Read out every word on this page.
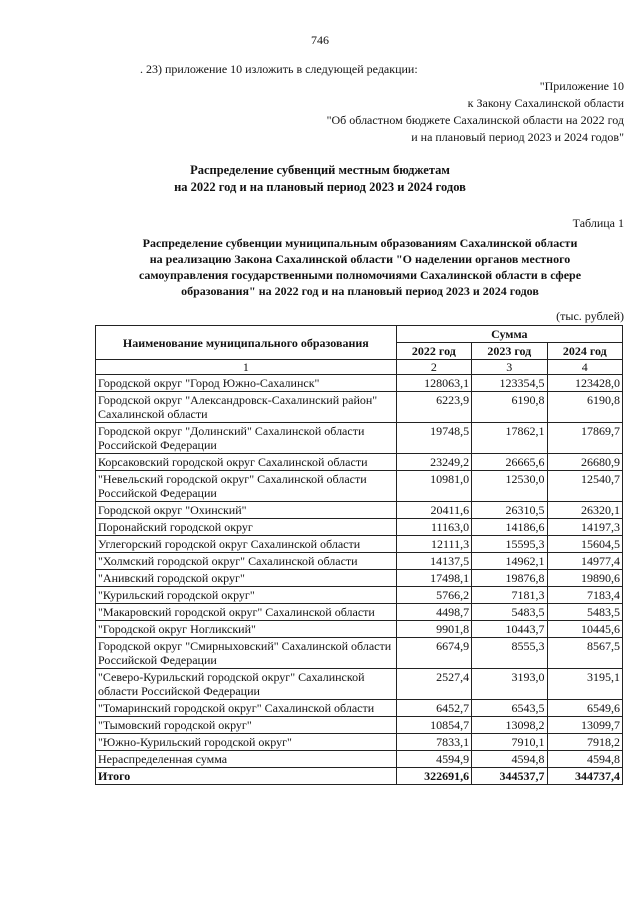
746
. 23) приложение 10 изложить в следующей редакции:
"Приложение 10
к Закону Сахалинской области
"Об областном бюджете Сахалинской области на 2022 год
и на плановый период 2023 и 2024 годов"
Распределение субвенций местным бюджетам
на 2022 год и на плановый период 2023 и 2024 годов
Таблица 1
Распределение субвенции муниципальным образованиям Сахалинской области
на реализацию Закона Сахалинской области "О наделении органов местного
самоуправления государственными полномочиями Сахалинской области в сфере
образования" на 2022 год и на плановый период 2023 и 2024 годов
(тыс. рублей)
Наименование муниципального образования	Сумма		
	2022 год	2023 год	2024 год
1	2	3	4
Городской округ "Город Южно-Сахалинск"	128063,1	123354,5	123428,0
Городской округ "Александровск-Сахалинский район" Сахалинской области	6223,9	6190,8	6190,8
Городской округ "Долинский" Сахалинской области Российской Федерации	19748,5	17862,1	17869,7
Корсаковский городской округ Сахалинской области	23249,2	26665,6	26680,9
"Невельский городской округ" Сахалинской области Российской Федерации	10981,0	12530,0	12540,7
Городской округ "Охинский"	20411,6	26310,5	26320,1
Поронайский городской округ	11163,0	14186,6	14197,3
Углегорский городской округ Сахалинской области	12111,3	15595,3	15604,5
"Холмский городской округ" Сахалинской области	14137,5	14962,1	14977,4
"Анивский городской округ"	17498,1	19876,8	19890,6
"Курильский городской округ"	5766,2	7181,3	7183,4
"Макаровский городской округ" Сахалинской области	4498,7	5483,5	5483,5
"Городской округ Ногликский"	9901,8	10443,7	10445,6
Городской округ "Смирныховский" Сахалинской области Российской Федерации	6674,9	8555,3	8567,5
"Северо-Курильский городской округ" Сахалинской области Российской Федерации	2527,4	3193,0	3195,1
"Томаринский городской округ" Сахалинской области	6452,7	6543,5	6549,6
"Тымовский городской округ"	10854,7	13098,2	13099,7
"Южно-Курильский городской округ"	7833,1	7910,1	7918,2
Нераспределенная сумма	4594,9	4594,8	4594,8
Итого	322691,6	344537,7	344737,4
